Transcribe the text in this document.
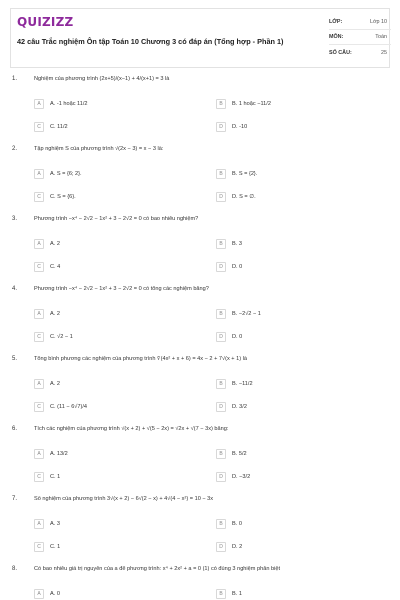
QUIZIZZ
42 câu Trắc nghiệm Ôn tập Toán 10 Chương 3 có đáp án (Tổng hợp - Phần 1)
LỚP:	Lớp 10
MÔN:	Toán
SỐ CÂU:	25
1.	Nghiệm của phương trình (2x+5)/(x−1) + 4/(x+1) = 3 là
A	A. -1 hoặc 11/2	B	B. 1 hoặc −11/2
C	C. 11/2	D	D. -10
2.	Tập nghiệm S của phương trình √(2x − 3) = x − 3 là:
A	A. S = {6; 2}.	B	B. S = {2}.
C	C. S = {6}.	D	D. S = ∅.
3.	Phương trình −x⁴ − 2√2 − 1x² + 3 − 2√2 = 0 có bao nhiêu nghiệm?
A	A. 2	B	B. 3
C	C. 4	D	D. 0
4.	Phương trình −x⁴ − 2√2 − 1x² + 3 − 2√2 = 0 có tổng các nghiệm bằng?
A	A. 2	B	B. −2√2 − 1
C	C. √2 − 1	D	D. 0
5.	Tổng bình phương các nghiệm của phương trình ∜(4x² + x + 6) = 4x − 2 + 7√(x + 1) là
A	A. 2	B	B. −11/2
C	C. (11 − 6√7)/4	D	D. 3/2
6.	Tích các nghiệm của phương trình √(x + 2) + √(5 − 2x) = √2x + √(7 − 3x) bằng:
A	A. 13/2	B	B. 5/2
C	C. 1	D	D. −3/2
7.	Số nghiệm của phương trình 3√(x + 2) − 6√(2 − x) + 4√(4 − x²) = 10 − 3x
A	A. 3	B	B. 0
C	C. 1	D	D. 2
8.	Có bao nhiêu giá trị nguyên của a để phương trình: x⁴ + 2x² + a = 0 (1) có đúng 3 nghiệm phân biệt
A	A. 0	B	B. 1
